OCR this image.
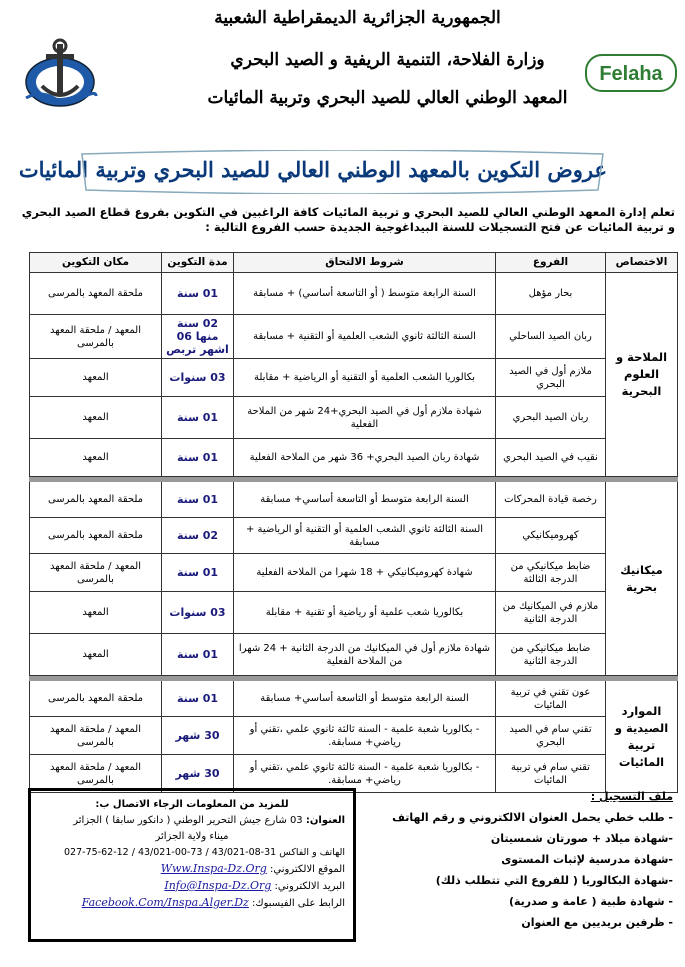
الجمهورية الجزائرية الديمقراطية الشعبية
وزارة الفلاحة، التنمية الريفية و الصيد البحري
المعهد الوطني العالي للصيد البحري وتربية المائيات
Felaha
عروض التكوين بالمعهد الوطني العالي للصيد البحري وتربية المائيات
تعلم إدارة المعهد الوطني العالي للصيد البحري و تربية المائيات كافة الراغبين في التكوين بفروع قطاع الصيد البحري
و تربية المائيات عن فتح التسجيلات للسنة البيداغوجية الجديدة حسب الفروع التالية :
الاختصاص	الفروع	شروط الالتحاق	مدة التكوين	مكان التكوين
الملاحة و العلوم البحرية	بحار مؤهل	السنة الرابعة متوسط ( أو التاسعة أساسي) + مسابقة	01 سنة	ملحقة المعهد بالمرسى
	ربان الصيد الساحلي	السنة الثالثة ثانوي الشعب العلمية أو التقنية + مسابقة	02 سنة منها 06 اشهر تربص	المعهد / ملحقة المعهد بالمرسى
	ملازم أول في الصيد البحري	بكالوريا الشعب العلمية أو التقنية أو الرياضية + مقابلة	03 سنوات	المعهد
	ربان الصيد البحري	شهادة ملازم أول في الصيد البحري+24 شهر من الملاحة الفعلية	01 سنة	المعهد
	نقيب في الصيد البحري	شهادة ربان الصيد البحري+ 36 شهر من الملاحة الفعلية	01 سنة	المعهد

ميكانيك بحرية	رخصة قيادة المحركات	السنة الرابعة متوسط أو التاسعة أساسي+ مسابقة	01 سنة	ملحقة المعهد بالمرسى
	كهروميكانيكي	السنة الثالثة ثانوي الشعب العلمية أو التقنية أو الرياضية + مسابقة	02 سنة	ملحقة المعهد بالمرسى
	ضابط ميكانيكي من الدرجة الثالثة	شهادة كهروميكانيكي + 18 شهرا من الملاحة الفعلية	01 سنة	المعهد / ملحقة المعهد بالمرسى
	ملازم في الميكانيك من الدرجة الثانية	بكالوريا شعب علمية أو رياضية أو تقنية + مقابلة	03 سنوات	المعهد
	ضابط ميكانيكي من الدرجة الثانية	شهادة ملازم أول في الميكانيك من الدرجة الثانية + 24 شهرا من الملاحة الفعلية	01 سنة	المعهد

الموارد الصيدية و تربية المائيات	عون تقني في تربية المائيات	السنة الرابعة متوسط أو التاسعة أساسي+ مسابقة	01 سنة	ملحقة المعهد بالمرسى
	تقني سام في الصيد البحري	- بكالوريا شعبة علمية - السنة ثالثة ثانوي علمي ،تقني أو رياضي+ مسابقة.	30 شهر	المعهد / ملحقة المعهد بالمرسى
	تقني سام في تربية المائيات	- بكالوريا شعبة علمية - السنة ثالثة ثانوي علمي ،تقني أو رياضي+ مسابقة.	30 شهر	المعهد / ملحقة المعهد بالمرسى
للمزيد من المعلومات الرجاء الاتصال ب:
العنوان: 03 شارع جيش التحرير الوطني ( دانكور سابقا ) الجزائر
ميناء ولاية الجزائر
الهاتف و الفاكس 31-08-43/021 / 73-00-43/021 / 12-62-75-027
الموقع الالكتروني: Www.Inspa-Dz.Org
البريد الالكتروني: Info@Inspa-Dz.Org
الرابط على الفيسبوك: Facebook.Com/Inspa.Alger.Dz
ملف التسجيل :
- طلب خطي يحمل العنوان الالكتروني و رقم الهاتف
-شهادة ميلاد + صورتان شمسيتان
-شهادة مدرسية لإثبات المستوى
-شهادة البكالوريا ( للفروع التي تتطلب ذلك)
- شهادة طبية ( عامة و صدرية)
- ظرفين بريديين مع العنوان
